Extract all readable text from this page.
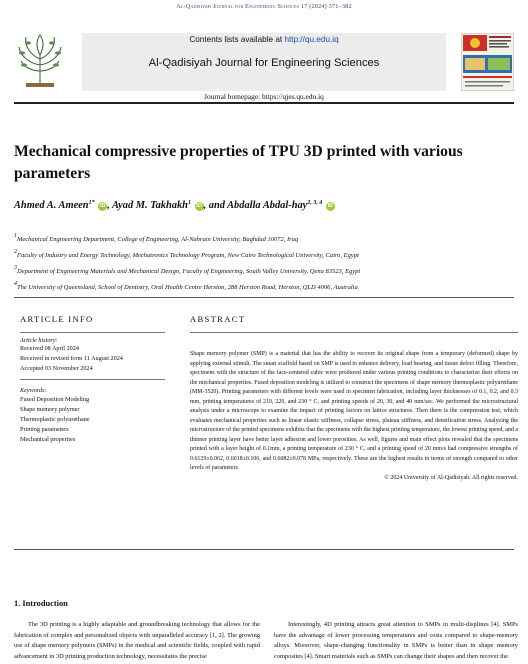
Al-Qadisiyah Journal for Engineering Sciences 17 (2024) 371–382
Contents lists available at http://qu.edu.iq
Al-Qadisiyah Journal for Engineering Sciences
Journal homepage: https://qjes.qu.edu.iq
Mechanical compressive properties of TPU 3D printed with various parameters
Ahmed A. Ameen$^{1*}$ iD , Ayad M. Takhakh$^1$ iD , and Abdalla Abdal-hay$^{2, 3, 4}$ iD
1Mechanical Engineering Department, College of Engineering, Al-Nahrain University, Baghdad 10072, Iraq
2Faculty of Industry and Energy Technology, Mechatronics Technology Program, New Cairo Technological University, Cairo, Egypt
3Department of Engineering Materials and Mechanical Design, Faculty of Engineering, South Valley University, Qena 83523, Egypt
4The University of Queensland, School of Dentistry, Oral Health Centre Herston, 288 Herston Road, Herston, QLD 4006, Australia
ARTICLE INFO
Article history:
Received 08 April 2024
Received in revised form 11 August 2024
Accepted 03 November 2024
Keywords:
Fused Deposition Modeling
Shape memory polymer
Thermoplastic polyurethane
Printing parameters
Mechanical properties
ABSTRACT
Shape memory polymer (SMP) is a material that has the ability to recover its original shape from a temporary (deformed) shape by applying external stimuli. The smart scaffold based on SMP is used to enhance delivery, load bearing, and tissue defect filling. Therefore, specimens with the structure of the face-centered cubic were produced under various printing conditions to characterize their effects on the mechanical properties. Fused deposition modeling is utilized to construct the specimens of shape memory thermoplastic polyurethane (MM-3520). Printing parameters with different levels were used in specimen fabrication, including layer thicknesses of 0.1, 0.2, and 0.3 mm, printing temperatures of 210, 220, and 230 ° C, and printing speeds of 20, 30, and 40 mm/sec. We performed the microstructural analysis under a microscope to examine the impact of printing factors on lattice structures. Then there is the compression test, which evaluates mechanical properties such as linear elastic stiffness, collapse stress, plateau stiffness, and densification stress. Analyzing the microstructure of the printed specimens exhibits that the specimens with the highest printing temperature, the lowest printing speed, and a thinner printing layer have better layer adhesion and lower porosities. As well, figures and main effect plots revealed that the specimens printed with a layer height of 0.1mm, a printing temperature of 230 ° C, and a printing speed of 20 mm/s had compressive strengths of 0.6129±0.062, 0.6018±0.106, and 0.6082±0.078 MPa, respectively. These are the highest results in terms of strength compared to other levels of parameters.
© 2024 University of Al-Qadisiyah. All rights reserved.
1. Introduction
The 3D printing is a highly adaptable and groundbreaking technology that allows for the fabrication of complex and personalized objects with unparalleled accuracy [1, 2]. The growing use of shape memory polymers (SMPs) in the medical and scientific fields, coupled with rapid advancement in 3D printing production technology, necessitates the precise
Interestingly, 4D printing attracts great attention to SMPs in multi-displines [4]. SMPs have the advantage of lower processing temperatures and costs compared to shape-memory alloys. Moreover, shape-changing functionality in SMPs is better than in shape memory composites [4]. Smart materials such as SMPs can change their shapes and then recover the
